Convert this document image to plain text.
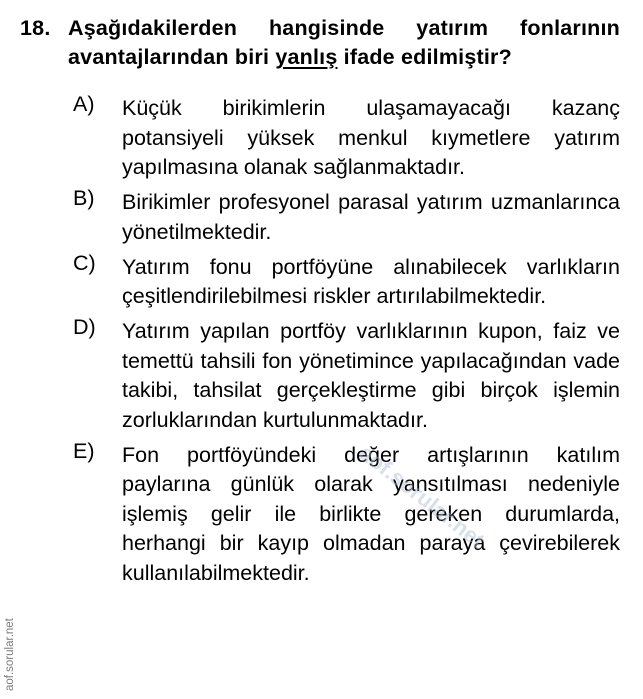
18. Aşağıdakilerden hangisinde yatırım fonlarının avantajlarından biri yanlış ifade edilmiştir?
A)	Küçük birikimlerin ulaşamayacağı kazanç potansiyeli yüksek menkul kıymetlere yatırım yapılmasına olanak sağlanmaktadır.
B)	Birikimler profesyonel parasal yatırım uzmanlarınca yönetilmektedir.
C)	Yatırım fonu portföyüne alınabilecek varlıkların çeşitlendirilebilmesi riskler artırılabilmektedir.
D)	Yatırım yapılan portföy varlıklarının kupon, faiz ve temettü tahsili fon yönetimince yapılacağından vade takibi, tahsilat gerçekleştirme gibi birçok işlemin zorluklarından kurtulunmaktadır.
E)	Fon portföyündeki değer artışlarının katılım paylarına günlük olarak yansıtılması nedeniyle işlemiş gelir ile birlikte gereken durumlarda, herhangi bir kayıp olmadan paraya çevirebilerek kullanılabilmektedir.
aof.sorular.net
aof.sorular.net
